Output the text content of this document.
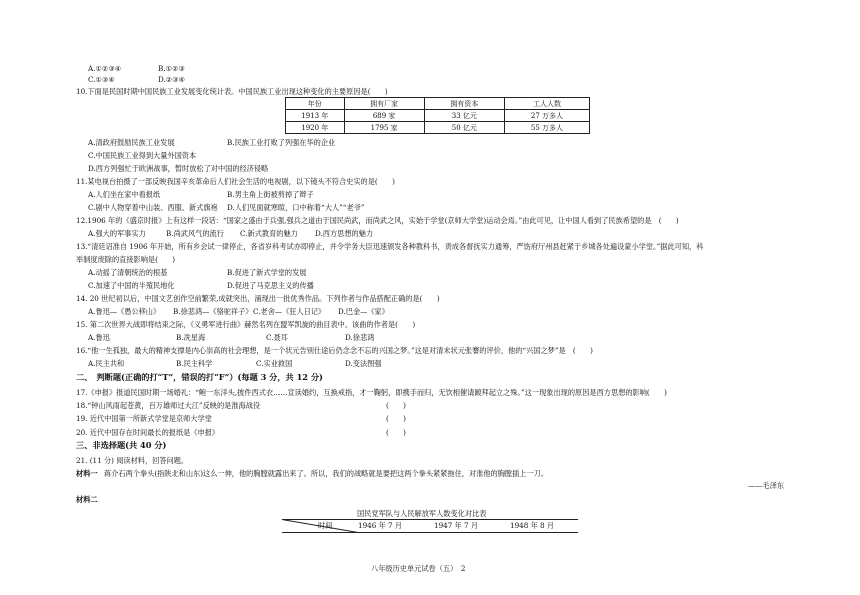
A.①②③④	B.①②③
C.①③④	D.②③④
10.下面是民国时期中国民族工业发展变化统计表。中国民族工业出现这种变化的主要原因是(　　)
年份	拥有厂家	拥有资本	工人人数
1913 年	689 家	33 亿元	27 万多人
1920 年	1795 家	50 亿元	55 万多人
A.清政府鼓励民族工业发展	B.民族工业打败了列强在华的企业
C.中国民族工业得到大量外国资本
D.西方列强忙于欧洲战事，暂时放松了对中国的经济侵略
11.某电视台拍摄了一部反映我国辛亥革命后人们社会生活的电视剧，以下镜头不符合史实的是(　　)
A.人们坐在家中看报纸	B.男主角上街被剪掉了辫子
C.剧中人物穿着中山装、西服、新式旗袍 D.人们见面就寒暄，口中称着“大人”“老爷”
12.1906 年的《盛京时报》上有这样一段话：“国家之盛由于兵强,强兵之道由于国民尚武，而尚武之风，实始于学堂(京师大学堂)运动会焉。”由此可见，让中国人看到了民族希望的是　(　　)
A.强大的军事实力	B.尚武风气的流行 C.新式教育的魅力 D.西方思想的魅力
13.“清廷诏准自 1906 年开始，所有乡会试一律停止，各省岁科考试亦即停止，并令学务大臣迅速颁发各种教科书，责成各督抚实力通筹，严饬府厅州县赶紧于乡城各处遍设蒙小学堂。”据此可知，科
举制度废除的直接影响是(　　)
A.动摇了清朝统治的根基	B.促进了新式学堂的发展
C.加速了中国的半殖民地化	D.促进了马克思主义的传播
14. 20 世纪初以后，中国文艺创作空前繁荣,成就突出，涌现出一批优秀作品。下列作者与作品搭配正确的是(　　)
A.鲁迅—《愚公移山》 B.徐悲鸿—《骆驼祥子》 C.老舍—《狂人日记》 D.巴金—《家》
15. 第二次世界大战即将结束之际，《义勇军进行曲》赫然名列在盟军凯旋的曲目表中。该曲的作者是(　　)
A.鲁迅	B.冼星海	C.聂耳	D.徐悲鸿
16.“他一生孤独，最大的精神支撑是内心崇高的社会理想，是一个状元告别仕途后仍念念不忘的兴国之梦。”这是对清末状元张謇的评价，他的“兴国之梦”是　(　　)
A.民主共和	B.民主科学	C.实业救国	D.变法图强
二、　判断题(正确的打“T”，错误的打“F”）(每题 3 分，共 12 分)
17.《申报》报道民国时期一场婚礼：“鲍一东洋头,披件西式衣……宣读婚约，互换戒指，才一鞠躬，即携手而归，无饮相催请踱拜起立之殊。”这一现象出现的原因是西方思想的影响(　　)
18.“钟山风雨起苍黄，百万雄师过大江”反映的是淮海战役	(　　)
19. 近代中国第一所新式学堂是京师大学堂	(　　)
20. 近代中国存在时间最长的报纸是《申报》	(　　)
三、非选择题(共 40 分)
21. (11 分) 阅读材料，回答问题。
材料一 蒋介石两个拳头(指陕北和山东)这么一伸，他的胸膛就露出来了。所以，我们的战略就是要把这两个拳头紧紧拖住，对准他的胸膛插上一刀。
——毛泽东
材料二
国民党军队与人民解放军人数变化对比表
时间	1946 年 7 月	1947 年 7 月	1948 年 8 月
八年级历史单元试卷（五）　2
